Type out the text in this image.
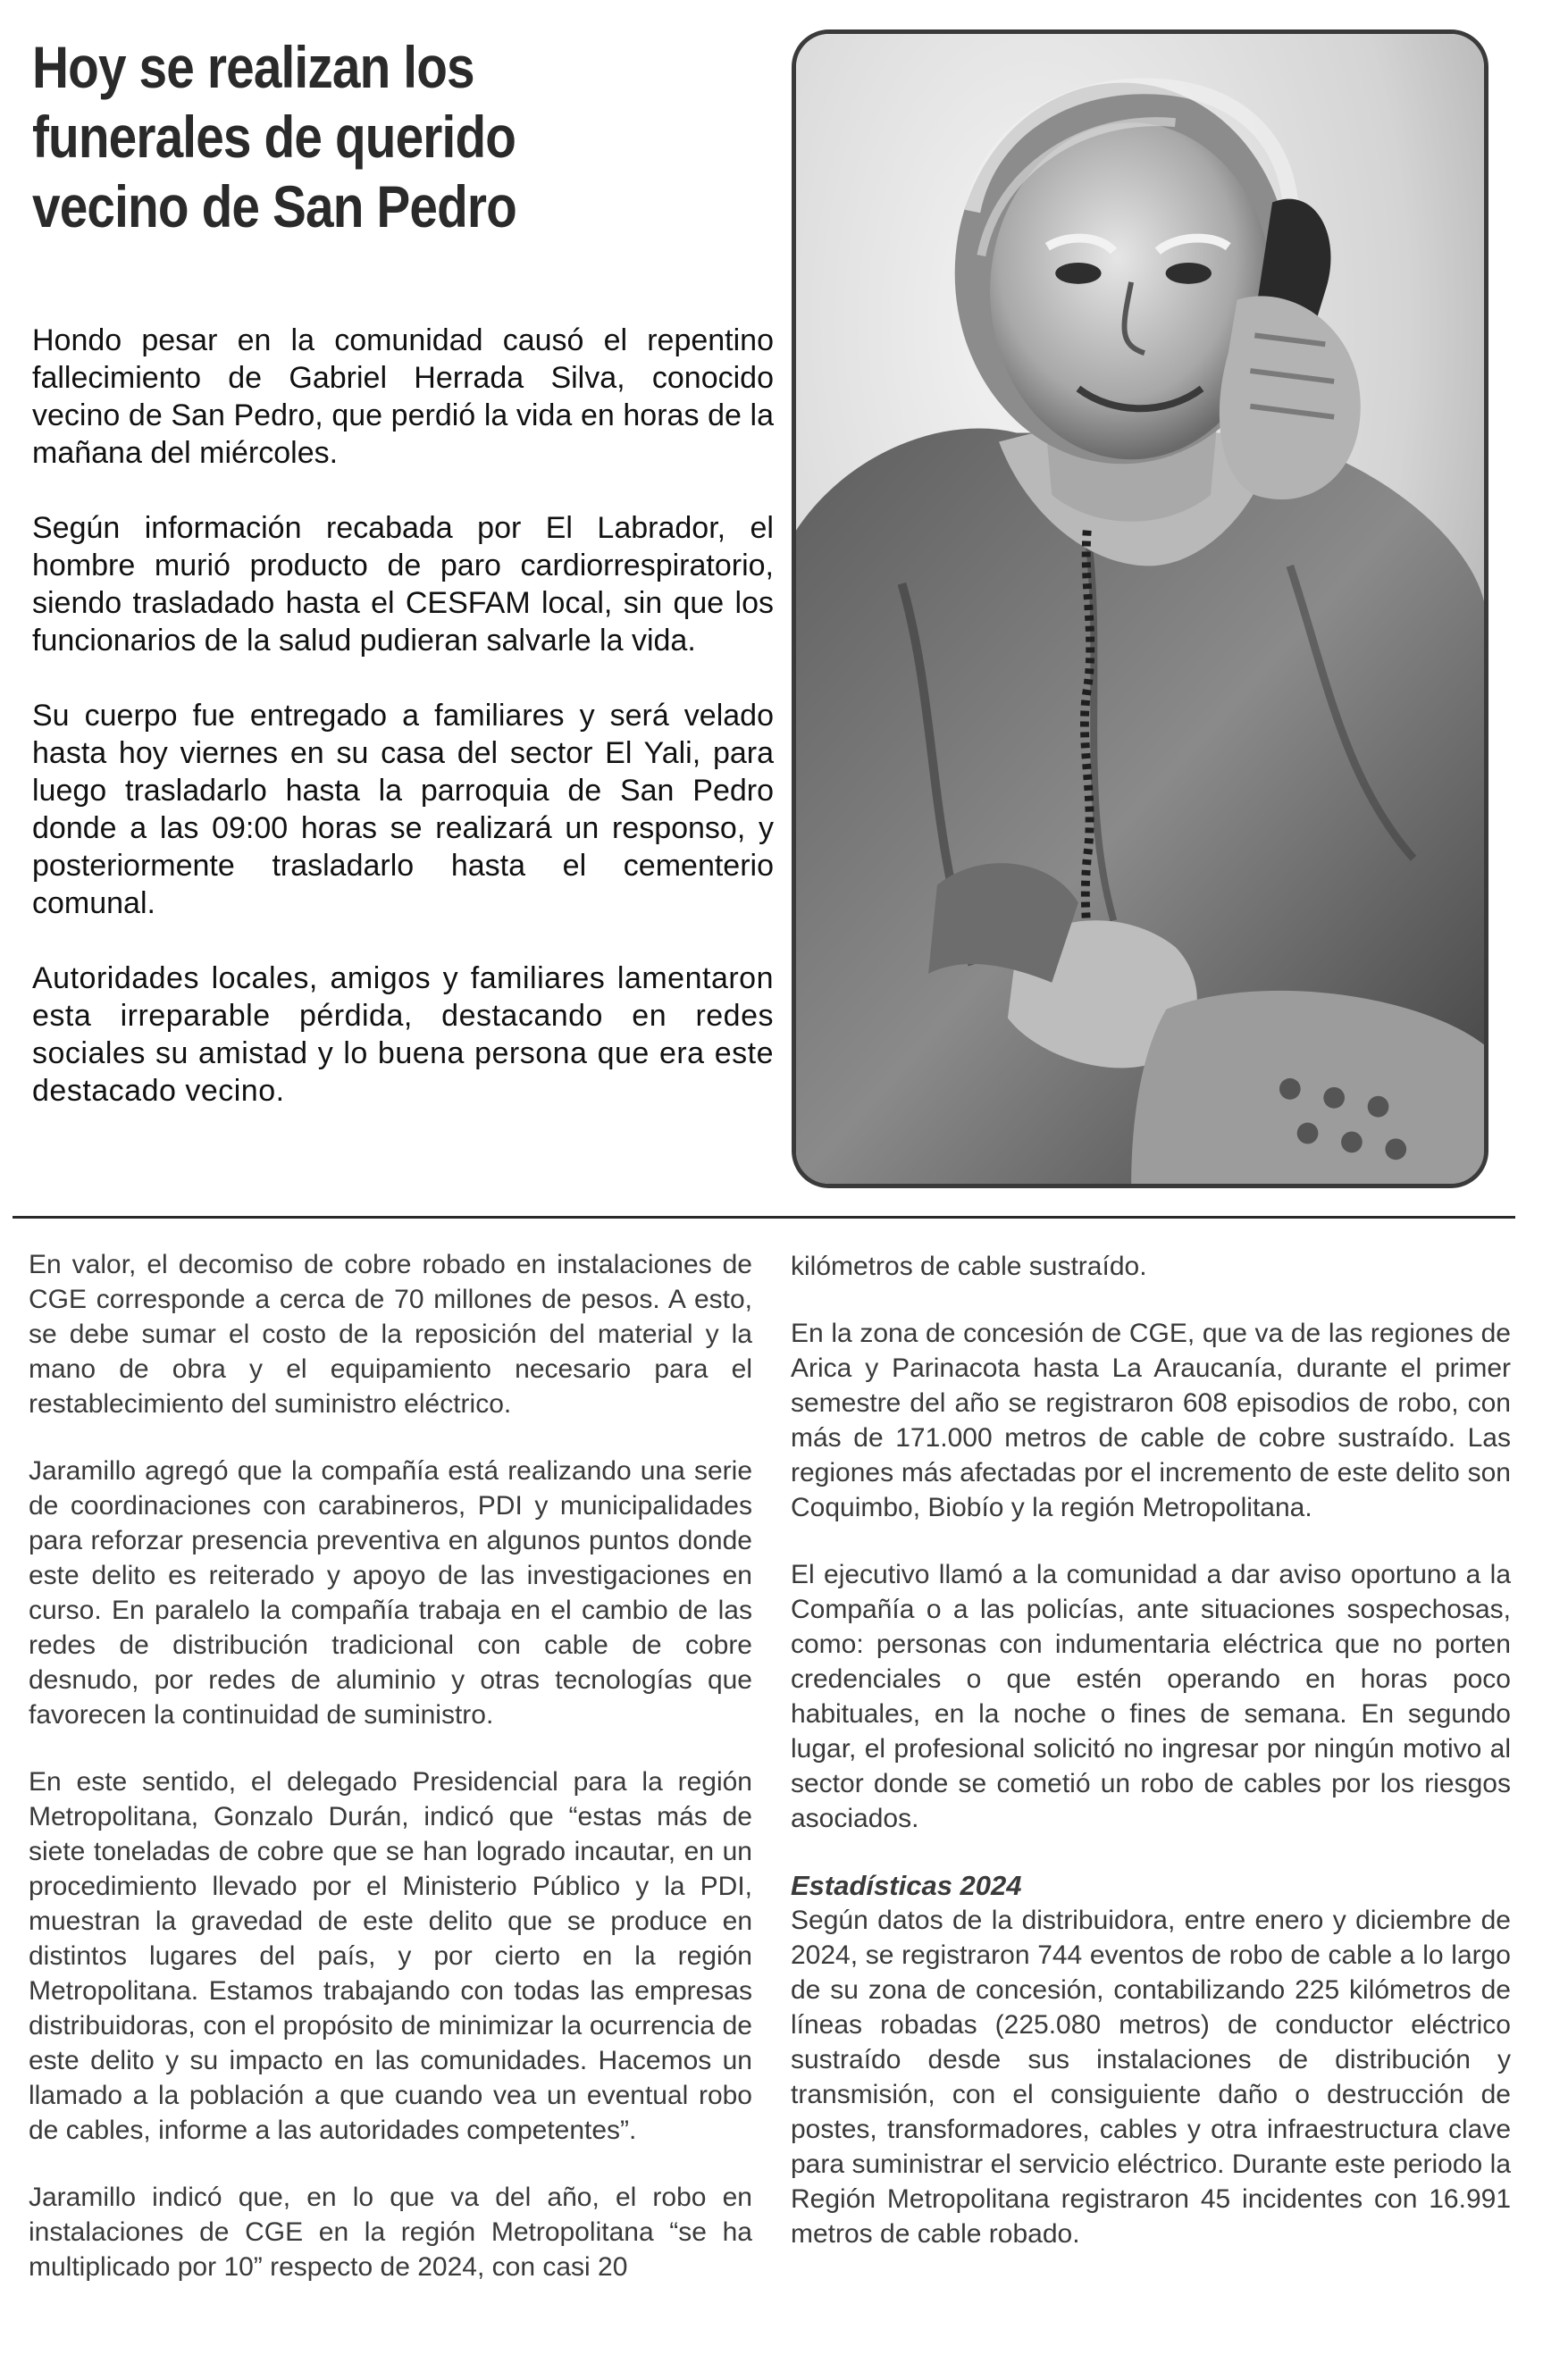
Hoy se realizan los funerales de querido vecino de San Pedro

Hondo pesar en la comunidad causó el repentino fallecimiento de Gabriel Herrada Silva, conocido vecino de San Pedro, que perdió la vida en horas de la mañana del miércoles.

Según información recabada por El Labrador, el hombre murió producto de paro cardiorrespiratorio, siendo trasladado hasta el CESFAM local, sin que los funcionarios de la salud pudieran salvarle la vida.

Su cuerpo fue entregado a familiares y será velado hasta hoy viernes en su casa del sector El Yali, para luego trasladarlo hasta la parroquia de San Pedro donde a las 09:00 horas se realizará un responso, y posteriormente trasladarlo hasta el cementerio comunal.

Autoridades locales, amigos y familiares lamentaron esta irreparable pérdida, destacando en redes sociales su amistad y lo buena persona que era este destacado vecino.

En valor, el decomiso de cobre robado en instalaciones de CGE corresponde a cerca de 70 millones de pesos. A esto, se debe sumar el costo de la reposición del material y la mano de obra y el equipamiento necesario para el restablecimiento del suministro eléctrico.

Jaramillo agregó que la compañía está realizando una serie de coordinaciones con carabineros, PDI y municipalidades para reforzar presencia preventiva en algunos puntos donde este delito es reiterado y apoyo de las investigaciones en curso. En paralelo la compañía trabaja en el cambio de las redes de distribución tradicional con cable de cobre desnudo, por redes de aluminio y otras tecnologías que favorecen la continuidad de suministro.

En este sentido, el delegado Presidencial para la región Metropolitana, Gonzalo Durán, indicó que “estas más de siete toneladas de cobre que se han logrado incautar, en un procedimiento llevado por el Ministerio Público y la PDI, muestran la gravedad de este delito que se produce en distintos lugares del país, y por cierto en la región Metropolitana. Estamos trabajando con todas las empresas distribuidoras, con el propósito de minimizar la ocurrencia de este delito y su impacto en las comunidades. Hacemos un llamado a la población a que cuando vea un eventual robo de cables, informe a las autoridades competentes”.

Jaramillo indicó que, en lo que va del año, el robo en instalaciones de CGE en la región Metropolitana “se ha multiplicado por 10” respecto de 2024, con casi 20

kilómetros de cable sustraído.

En la zona de concesión de CGE, que va de las regiones de Arica y Parinacota hasta La Araucanía, durante el primer semestre del año se registraron 608 episodios de robo, con más de 171.000 metros de cable de cobre sustraído. Las regiones más afectadas por el incremento de este delito son Coquimbo, Biobío y la región Metropolitana.

El ejecutivo llamó a la comunidad a dar aviso oportuno a la Compañía o a las policías, ante situaciones sospechosas, como: personas con indumentaria eléctrica que no porten credenciales o que estén operando en horas poco habituales, en la noche o fines de semana. En segundo lugar, el profesional solicitó no ingresar por ningún motivo al sector donde se cometió un robo de cables por los riesgos asociados.

Estadísticas 2024

Según datos de la distribuidora, entre enero y diciembre de 2024, se registraron 744 eventos de robo de cable a lo largo de su zona de concesión, contabilizando 225 kilómetros de líneas robadas (225.080 metros) de conductor eléctrico sustraído desde sus instalaciones de distribución y transmisión, con el consiguiente daño o destrucción de postes, transformadores, cables y otra infraestructura clave para suministrar el servicio eléctrico. Durante este periodo la Región Metropolitana registraron 45 incidentes con 16.991 metros de cable robado.
